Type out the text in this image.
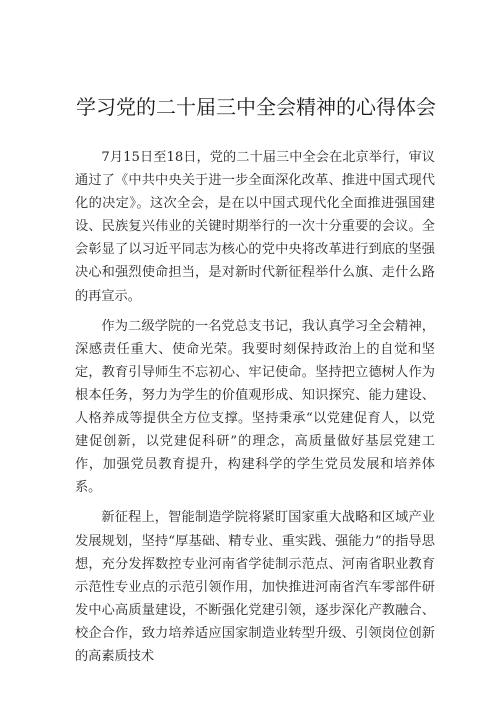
学习党的二十届三中全会精神的心得体会

7月15日至18日，党的二十届三中全会在北京举行，审议通过了《中共中央关于进一步全面深化改革、推进中国式现代化的决定》。这次全会，是在以中国式现代化全面推进强国建设、民族复兴伟业的关键时期举行的一次十分重要的会议。全会彰显了以习近平同志为核心的党中央将改革进行到底的坚强决心和强烈使命担当，是对新时代新征程举什么旗、走什么路的再宣示。

作为二级学院的一名党总支书记，我认真学习全会精神，深感责任重大、使命光荣。我要时刻保持政治上的自觉和坚定，教育引导师生不忘初心、牢记使命。坚持把立德树人作为根本任务，努力为学生的价值观形成、知识探究、能力建设、人格养成等提供全方位支撑。坚持秉承“以党建促育人，以党建促创新，以党建促科研”的理念，高质量做好基层党建工作，加强党员教育提升，构建科学的学生党员发展和培养体系。

新征程上，智能制造学院将紧盯国家重大战略和区域产业发展规划，坚持“厚基础、精专业、重实践、强能力”的指导思想，充分发挥数控专业河南省学徒制示范点、河南省职业教育示范性专业点的示范引领作用，加快推进河南省汽车零部件研发中心高质量建设，不断强化党建引领，逐步深化产教融合、校企合作，致力培养适应国家制造业转型升级、引领岗位创新的高素质技术
